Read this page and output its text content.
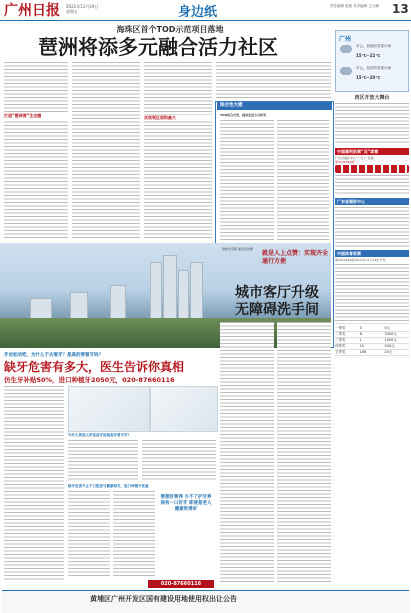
广州日报	2021年11月19日 星期五	身边纸	责任编辑 张波 美术编辑 王大鹏	13
海珠区首个TOD示范项目落地
琶洲将添多元融合活力社区
打造“琶洲湾”生态圈	实现领区面积最大
综合性大楼
TOD综合开发，推动生活方式转变
琶洲全景图 通讯员供图
就是人上点赞：实现齐全 通行方便
城市客厅升级
无障碍洗手间
牙齿松动吧，为什么不去看牙？是真的要看牙吗？
缺牙危害有多大，医生告诉你真相
仿生牙补贴50%，进口种植牙2050元，020-87660116
为什么要进入诊室前牙齿检查非要不可？
缺牙危害不止于口腔更与健康相关，进口种植牙优惠
要想好要养 少不了护牙养 保有一口好牙 即使是老人 健康吃得好
020-87660116
广州
多云，局地有零星小雨
15℃~22℃
多云，局部有零星小雨
15℃~20℃
西区开放大舞台
中国福利彩票“双”球票
广东省福彩中心“十月+”直播
第2021264期
广东省福彩中心
中国体育彩票
第2021264期/2021年11月18日开奖
一等奖	0	0元
二等奖	8	3000元
三等奖	1	1000元
四等奖	10	300元
五等奖	166	20元
黄埔区广州开发区国有建设用地使用权出让公告
